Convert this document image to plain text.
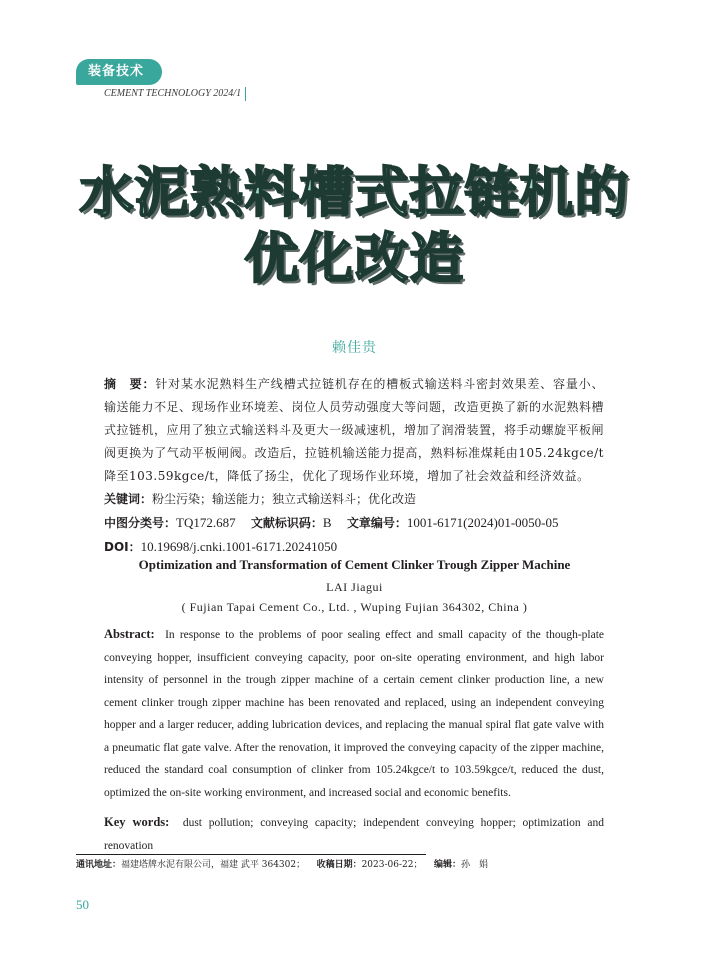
装备技术
CEMENT TECHNOLOGY 2024/1
水泥熟料槽式拉链机的
优化改造
赖佳贵
摘　要：针对某水泥熟料生产线槽式拉链机存在的槽板式输送料斗密封效果差、容量小、输送能力不足、现场作业环境差、岗位人员劳动强度大等问题，改造更换了新的水泥熟料槽式拉链机，应用了独立式输送料斗及更大一级减速机，增加了润滑装置，将手动螺旋平板闸阀更换为了气动平板闸阀。改造后，拉链机输送能力提高，熟料标准煤耗由105.24kgce/t降至103.59kgce/t，降低了扬尘，优化了现场作业环境，增加了社会效益和经济效益。
关键词：粉尘污染；输送能力；独立式输送料斗；优化改造
中图分类号：TQ172.687 文献标识码：B 文章编号：1001-6171(2024)01-0050-05
DOI：10.19698/j.cnki.1001-6171.20241050
Optimization and Transformation of Cement Clinker Trough Zipper Machine
LAI Jiagui
( Fujian Tapai Cement Co., Ltd. , Wuping Fujian 364302, China )
Abstract: In response to the problems of poor sealing effect and small capacity of the though-plate conveying hopper, insufficient conveying capacity, poor on-site operating environment, and high labor intensity of personnel in the trough zipper machine of a certain cement clinker production line, a new cement clinker trough zipper machine has been renovated and replaced, using an independent conveying hopper and a larger reducer, adding lubrication devices, and replacing the manual spiral flat gate valve with a pneumatic flat gate valve. After the renovation, it improved the conveying capacity of the zipper machine, reduced the standard coal consumption of clinker from 105.24kgce/t to 103.59kgce/t, reduced the dust, optimized the on-site working environment, and increased social and economic benefits.
Key words: dust pollution; conveying capacity; independent conveying hopper; optimization and renovation
通讯地址：福建塔牌水泥有限公司，福建 武平 364302； 收稿日期：2023-06-22； 编辑：孙　娟
50
